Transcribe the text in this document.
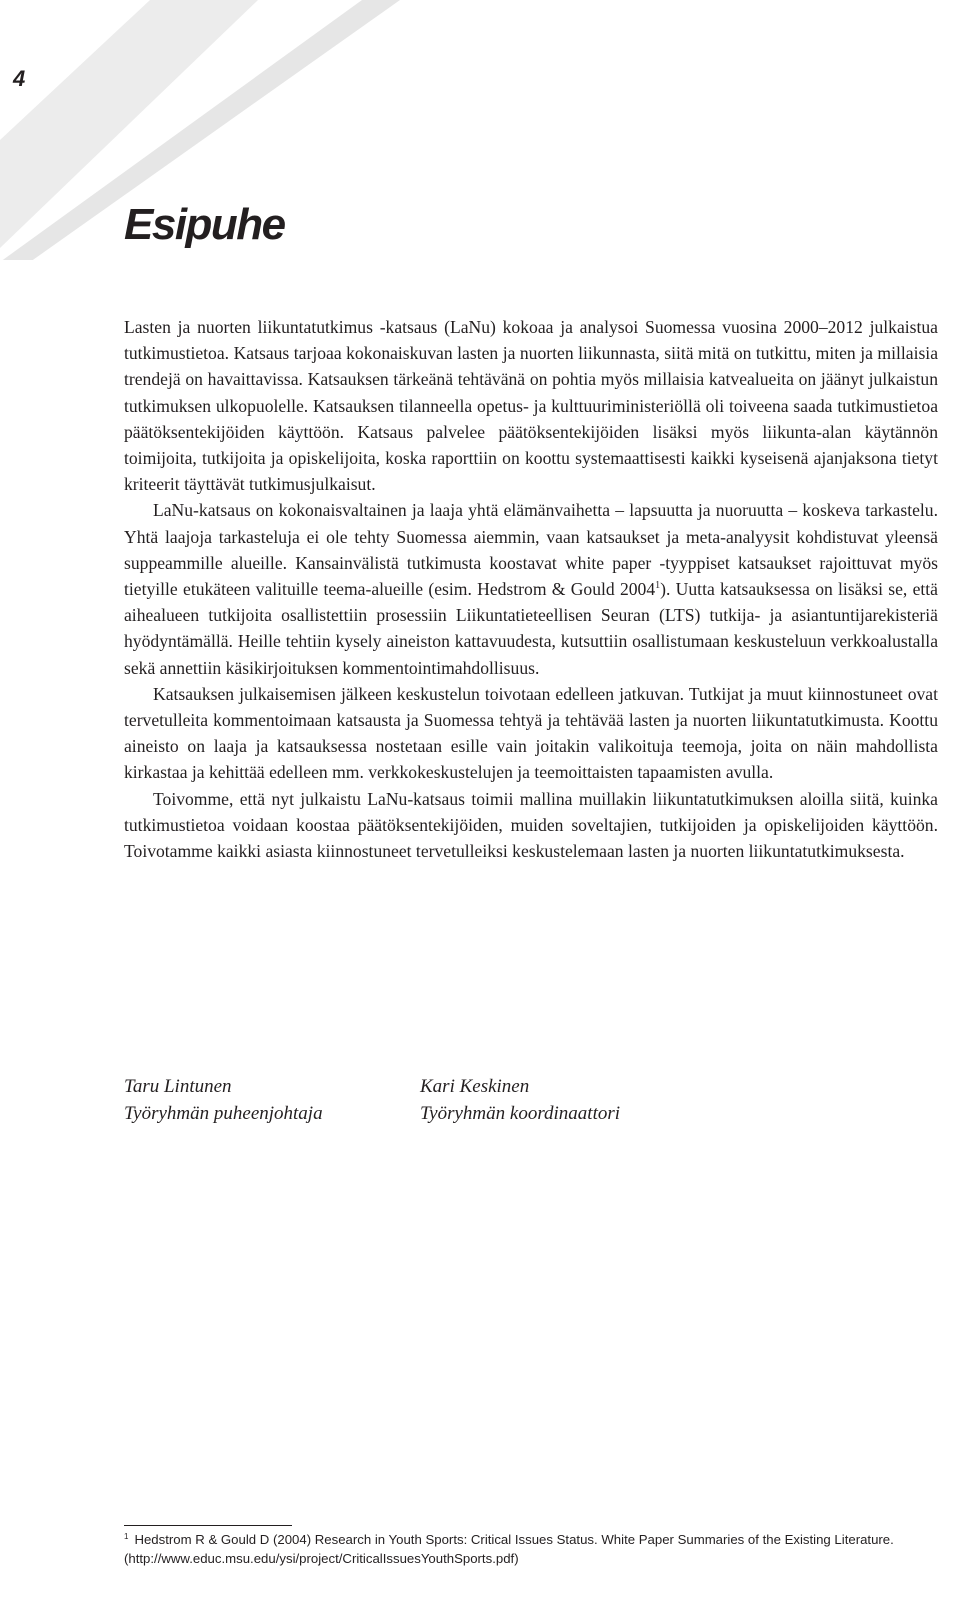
4
Esipuhe

Lasten ja nuorten liikuntatutkimus -katsaus (LaNu) kokoaa ja analysoi Suomessa vuosina 2000–2012 julkaistua tutkimustietoa. Katsaus tarjoaa kokonaiskuvan lasten ja nuorten liikunnasta, siitä mitä on tutkittu, miten ja millaisia trendejä on havaittavissa. Katsauksen tärkeänä tehtävänä on pohtia myös millaisia katvealueita on jäänyt julkaistun tutkimuksen ulkopuolelle. Katsauksen tilanneella opetus- ja kulttuuriministeriöllä oli toiveena saada tutkimustietoa päätöksentekijöiden käyttöön. Katsaus palvelee päätöksentekijöiden lisäksi myös liikunta-alan käytännön toimijoita, tutkijoita ja opiskelijoita, koska raporttiin on koottu systemaattisesti kaikki kyseisenä ajanjaksona tietyt kriteerit täyttävät tutkimusjulkaisut.

LaNu-katsaus on kokonaisvaltainen ja laaja yhtä elämänvaihetta – lapsuutta ja nuoruutta – koskeva tarkastelu. Yhtä laajoja tarkasteluja ei ole tehty Suomessa aiemmin, vaan katsaukset ja meta-analyysit kohdistuvat yleensä suppeammille alueille. Kansainvälistä tutkimusta koostavat white paper -tyyppiset katsaukset rajoittuvat myös tietyille etukäteen valituille teema-alueille (esim. Hedstrom & Gould 2004$^1$). Uutta katsauksessa on lisäksi se, että aihealueen tutkijoita osallistettiin prosessiin Liikuntatieteellisen Seuran (LTS) tutkija- ja asiantuntijarekisteriä hyödyntämällä. Heille tehtiin kysely aineiston kattavuudesta, kutsuttiin osallistumaan keskusteluun verkkoalustalla sekä annettiin käsikirjoituksen kommentointimahdollisuus.

Katsauksen julkaisemisen jälkeen keskustelun toivotaan edelleen jatkuvan. Tutkijat ja muut kiinnostuneet ovat tervetulleita kommentoimaan katsausta ja Suomessa tehtyä ja tehtävää lasten ja nuorten liikuntatutkimusta. Koottu aineisto on laaja ja katsauksessa nostetaan esille vain joitakin valikoituja teemoja, joita on näin mahdollista kirkastaa ja kehittää edelleen mm. verkkokeskustelujen ja teemoittaisten tapaamisten avulla.

Toivomme, että nyt julkaistu LaNu-katsaus toimii mallina muillakin liikuntatutkimuksen aloilla siitä, kuinka tutkimustietoa voidaan koostaa päätöksentekijöiden, muiden soveltajien, tutkijoiden ja opiskelijoiden käyttöön. Toivotamme kaikki asiasta kiinnostuneet tervetulleiksi keskustelemaan lasten ja nuorten liikuntatutkimuksesta.

Taru Lintunen
Työryhmän puheenjohtaja
Kari Keskinen
Työryhmän koordinaattori
$^1$ Hedstrom R & Gould D (2004) Research in Youth Sports: Critical Issues Status. White Paper Summaries of the Existing Literature. (http://www.educ.msu.edu/ysi/project/CriticalIssuesYouthSports.pdf)
